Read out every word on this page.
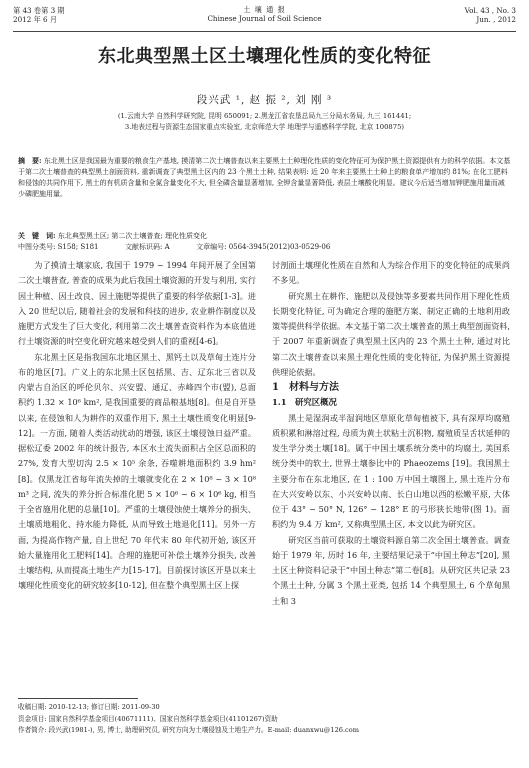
第 43 卷第 3 期
2012 年 6 月
土 壤 通 报
Chinese Journal of Soil Science
Vol. 43 , No. 3
Jun. , 2012
东北典型黑土区土壤理化性质的变化特征
段兴武 ¹, 赵 振 ², 刘 刚 ³
(1.云南大学 自然科学研究院, 昆明 650091; 2.黑龙江省农垦总局九三分局水务局, 九三 161441;
3.地表过程与资源生态国家重点实验室, 北京师范大学 地理学与遥感科学学院, 北京 100875)
摘　要: 东北黑土区是我国最为重要的粮食生产基地, 摸清第二次土壤普查以来主要黑土土种理化性质的变化特征可为保护黑土资源提供有力的科学依据。本文基于第二次土壤普查的典型黑土剖面资料, 重新调查了典型黑土区内的 23 个黑土土种, 结果表明: 近 20 年来主要黑土土种上的粮食单产增加约 81%; 在化工肥料和侵蚀的共同作用下, 黑土的有机质含量和全氮含量变化不大, 但全磷含量显著增加, 全钾含量显著降低, 表层土壤酸化明显。建议今后适当增加钾肥施用量而减少磷肥施用量。
关　键　词: 东北典型黑土区; 第二次土壤普查; 理化性质变化
中图分类号: S158; S181	文献标识码: A	文章编号: 0564-3945(2012)03-0529-06

为了摸清土壤家底, 我国于 1979 ~ 1994 年间开展了全国第二次土壤普查, 普查的成果为此后我国土壤资源的开发与利用, 实行因土种植、因土改良、因土施肥等提供了重要的科学依据[1-3]。进入 20 世纪以后, 随着社会的发展和科技的进步, 农业耕作制度以及施肥方式发生了巨大变化, 利用第二次土壤普查资料作为本底值进行土壤资源的时空变化研究越来越受到人们的重视[4-6]。

东北黑土区是指我国东北地区黑土、黑钙土以及草甸土连片分布的地区[7]。广义上的东北黑土区包括黑、吉、辽东北三省以及内蒙古自治区的呼伦贝尔、兴安盟、通辽、赤峰四个市(盟), 总面积约 1.32 × 10⁶ km², 是我国重要的商品粮基地[8]。但是自开垦以来, 在侵蚀和人为耕作的双重作用下, 黑土土壤性质变化明显[9-12]。一方面, 随着人类活动扰动的增强, 该区土壤侵蚀日益严重。据松辽委 2002 年的统计报告, 本区水土流失面积占全区总面积的 27%, 发育大型切沟 2.5 × 10⁵ 余条, 吞噬耕地面积约 3.9 hm² [8]。仅黑龙江省每年流失掉的土壤就变化在 2 × 10⁸ ~ 3 × 10⁸ m³ 之间, 流失的养分折合标准化肥 5 × 10⁶ ~ 6 × 10⁶ kg, 相当于全省施用化肥的总量[10]。严重的土壤侵蚀使土壤养分的损失、土壤质地粗化、持水能力降低, 从而导致土地退化[11]。另外一方面, 为提高作物产量, 自上世纪 70 年代末 80 年代初开始, 该区开始大量施用化工肥料[14]。合理的施肥可补偿土壤养分损失, 改善土壤结构, 从而提高土地生产力[15-17]。目前探讨该区开垦以来土壤理化性质变化的研究较多[10-12], 但在整个典型黑土区上探

讨剖面土壤理化性质在自然和人为综合作用下的变化特征的成果尚不多见。

研究黑土在耕作、施肥以及侵蚀等多要素共同作用下理化性质长期变化特征, 可为确定合理的施肥方案、制定正确的土地利用政策等提供科学依据。本文基于第二次土壤普查的黑土典型剖面资料, 于 2007 年重新调查了典型黑土区内的 23 个黑土土种, 通过对比第二次土壤普查以来黑土理化性质的变化特征, 为保护黑土资源提供理论依据。

1　材料与方法

1.1　研究区概况

黑土是湿润或半湿润地区草原化草甸植被下, 具有深厚均腐殖质积累和淋溶过程, 母质为黄土状粘土沉积物, 腐殖质呈舌状延伸的发生学分类土壤[18]。属于中国土壤系统分类中的均腐土, 美国系统分类中的软土, 世界土壤参比中的 Phaeozems [19]。我国黑土主要分布在东北地区, 在 1 : 100 万中国土壤图上, 黑土连片分布在大兴安岭以东、小兴安岭以南、长白山地以西的松嫩平原, 大体位于 43° ~ 50° N, 126° ~ 128° E 的弓形狭长地带(图 1)。面积约为 9.4 万 km², 又称典型黑土区, 本文以此为研究区。

研究区当前可获取的土壤资料源自第二次全国土壤普查。调查始于 1979 年, 历时 16 年, 主要结果记录于“中国土种志”[20], 黑土区土种资料记录于“中国土种志”第二卷[8]。从研究区共记录 23 个黑土土种, 分属 3 个黑土亚类, 包括 14 个典型黑土, 6 个草甸黑土和 3

收稿日期: 2010-12-13; 修订日期: 2011-09-30
资金项目: 国家自然科学基金项目(40671111)、国家自然科学基金项目(41101267)资助
作者简介: 段兴武(1981-), 男, 博士, 助理研究员, 研究方向为土壤侵蚀及土地生产力。E-mail: duanxwu@126.com
